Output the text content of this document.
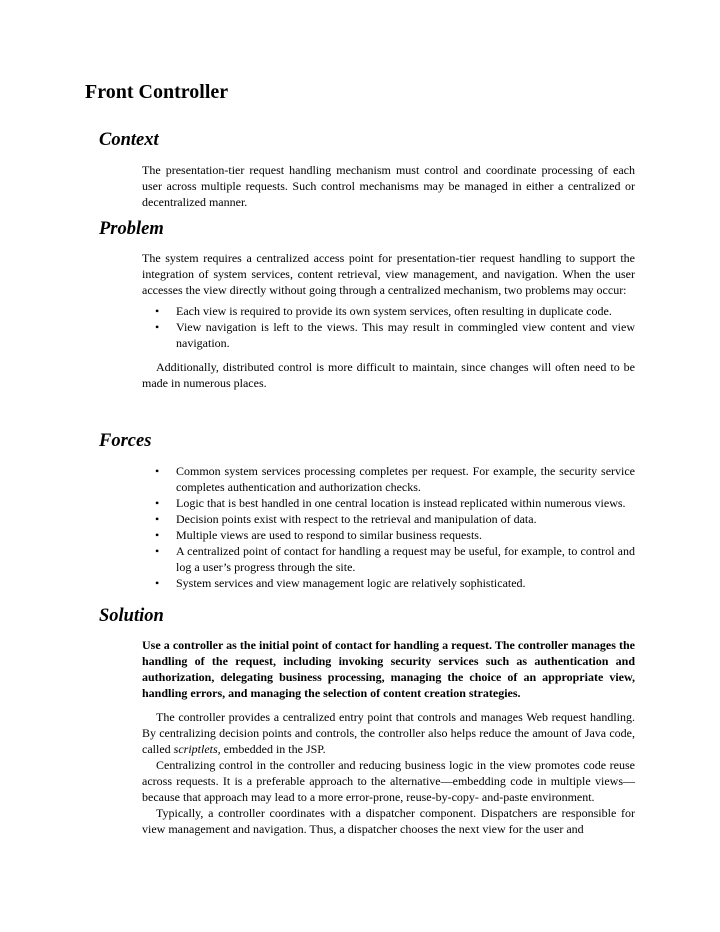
Front Controller
Context

The presentation-tier request handling mechanism must control and coordinate processing of each user across multiple requests. Such control mechanisms may be managed in either a centralized or decentralized manner.

Problem

The system requires a centralized access point for presentation-tier request handling to support the integration of system services, content retrieval, view management, and navigation. When the user accesses the view directly without going through a centralized mechanism, two problems may occur:

• Each view is required to provide its own system services, often resulting in duplicate code.
• View navigation is left to the views. This may result in commingled view content and view navigation.

Additionally, distributed control is more difficult to maintain, since changes will often need to be made in numerous places.

Forces
• Common system services processing completes per request. For example, the security service completes authentication and authorization checks.
• Logic that is best handled in one central location is instead replicated within numerous views.
• Decision points exist with respect to the retrieval and manipulation of data.
• Multiple views are used to respond to similar business requests.
• A centralized point of contact for handling a request may be useful, for example, to control and log a user’s progress through the site.
• System services and view management logic are relatively sophisticated.
Solution

Use a controller as the initial point of contact for handling a request. The controller manages the handling of the request, including invoking security services such as authentication and authorization, delegating business processing, managing the choice of an appropriate view, handling errors, and managing the selection of content creation strategies.

The controller provides a centralized entry point that controls and manages Web request handling. By centralizing decision points and controls, the controller also helps reduce the amount of Java code, called scriptlets, embedded in the JSP.

Centralizing control in the controller and reducing business logic in the view promotes code reuse across requests. It is a preferable approach to the alternative—embedding code in multiple views—because that approach may lead to a more error-prone, reuse-by-copy- and-paste environment.

Typically, a controller coordinates with a dispatcher component. Dispatchers are responsible for view management and navigation. Thus, a dispatcher chooses the next view for the user and
